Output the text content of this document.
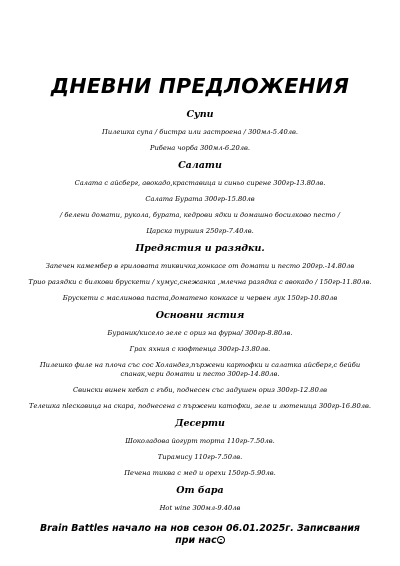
ДНЕВНИ ПРЕДЛОЖЕНИЯ
Супи

Пилешка супа / бистра или застроена / 300мл-5.40лв.

Рибена чорба 300мл-6.20лв.

Салати

Салата с айсберг, авокадо,краставица и синьо сирене 300гр-13.80лв.

Салата Бурата 300гр-15.80лв

/ белени домати, рукола, бурата, кедрови ядки и домашно босилково песто /

Царска туршия 250гр-7.40лв.

Предястия и разядки.

Запечен камембер в гриловата тиквичка,конкасе от домати и песто 200гр.-14.80лв

Трио разядки с билкови брускети / хумус,снежанка ,млечна разядка с авокадо / 150гр-11.80лв.

Брускети с маслинова паста,доматено конкасе и червен лук 150гр-10.80лв

Основни ястия

Бураник/кисело зеле с ориз на фурна/ 300гр-8.80лв.

Грах яхния с кюфтенца 300гр-13.80лв.

Пилешко филе на плоча със сос Холандез,пържени картофки и салатка айсберг,с бейби спанак,чери домати и песто 300гр-14.80лв.

Свински винен кебап с гъби, поднесен със задушен ориз 300гр-12.80лв

Телешка пleскавица на скара, поднесена с пържени катофки, зеле и лютеница 300гр-16.80лв.

Десерти

Шоколадова йогурт торта 110гр-7.50лв.

Тирамису 110гр-7.50лв.

Печена тиква с мед и орехи 150гр-5.90лв.

От бара

Hot wine 300мл-9.40лв

Brain Battles начало на нов сезон 06.01.2025г. Записвания при нас
